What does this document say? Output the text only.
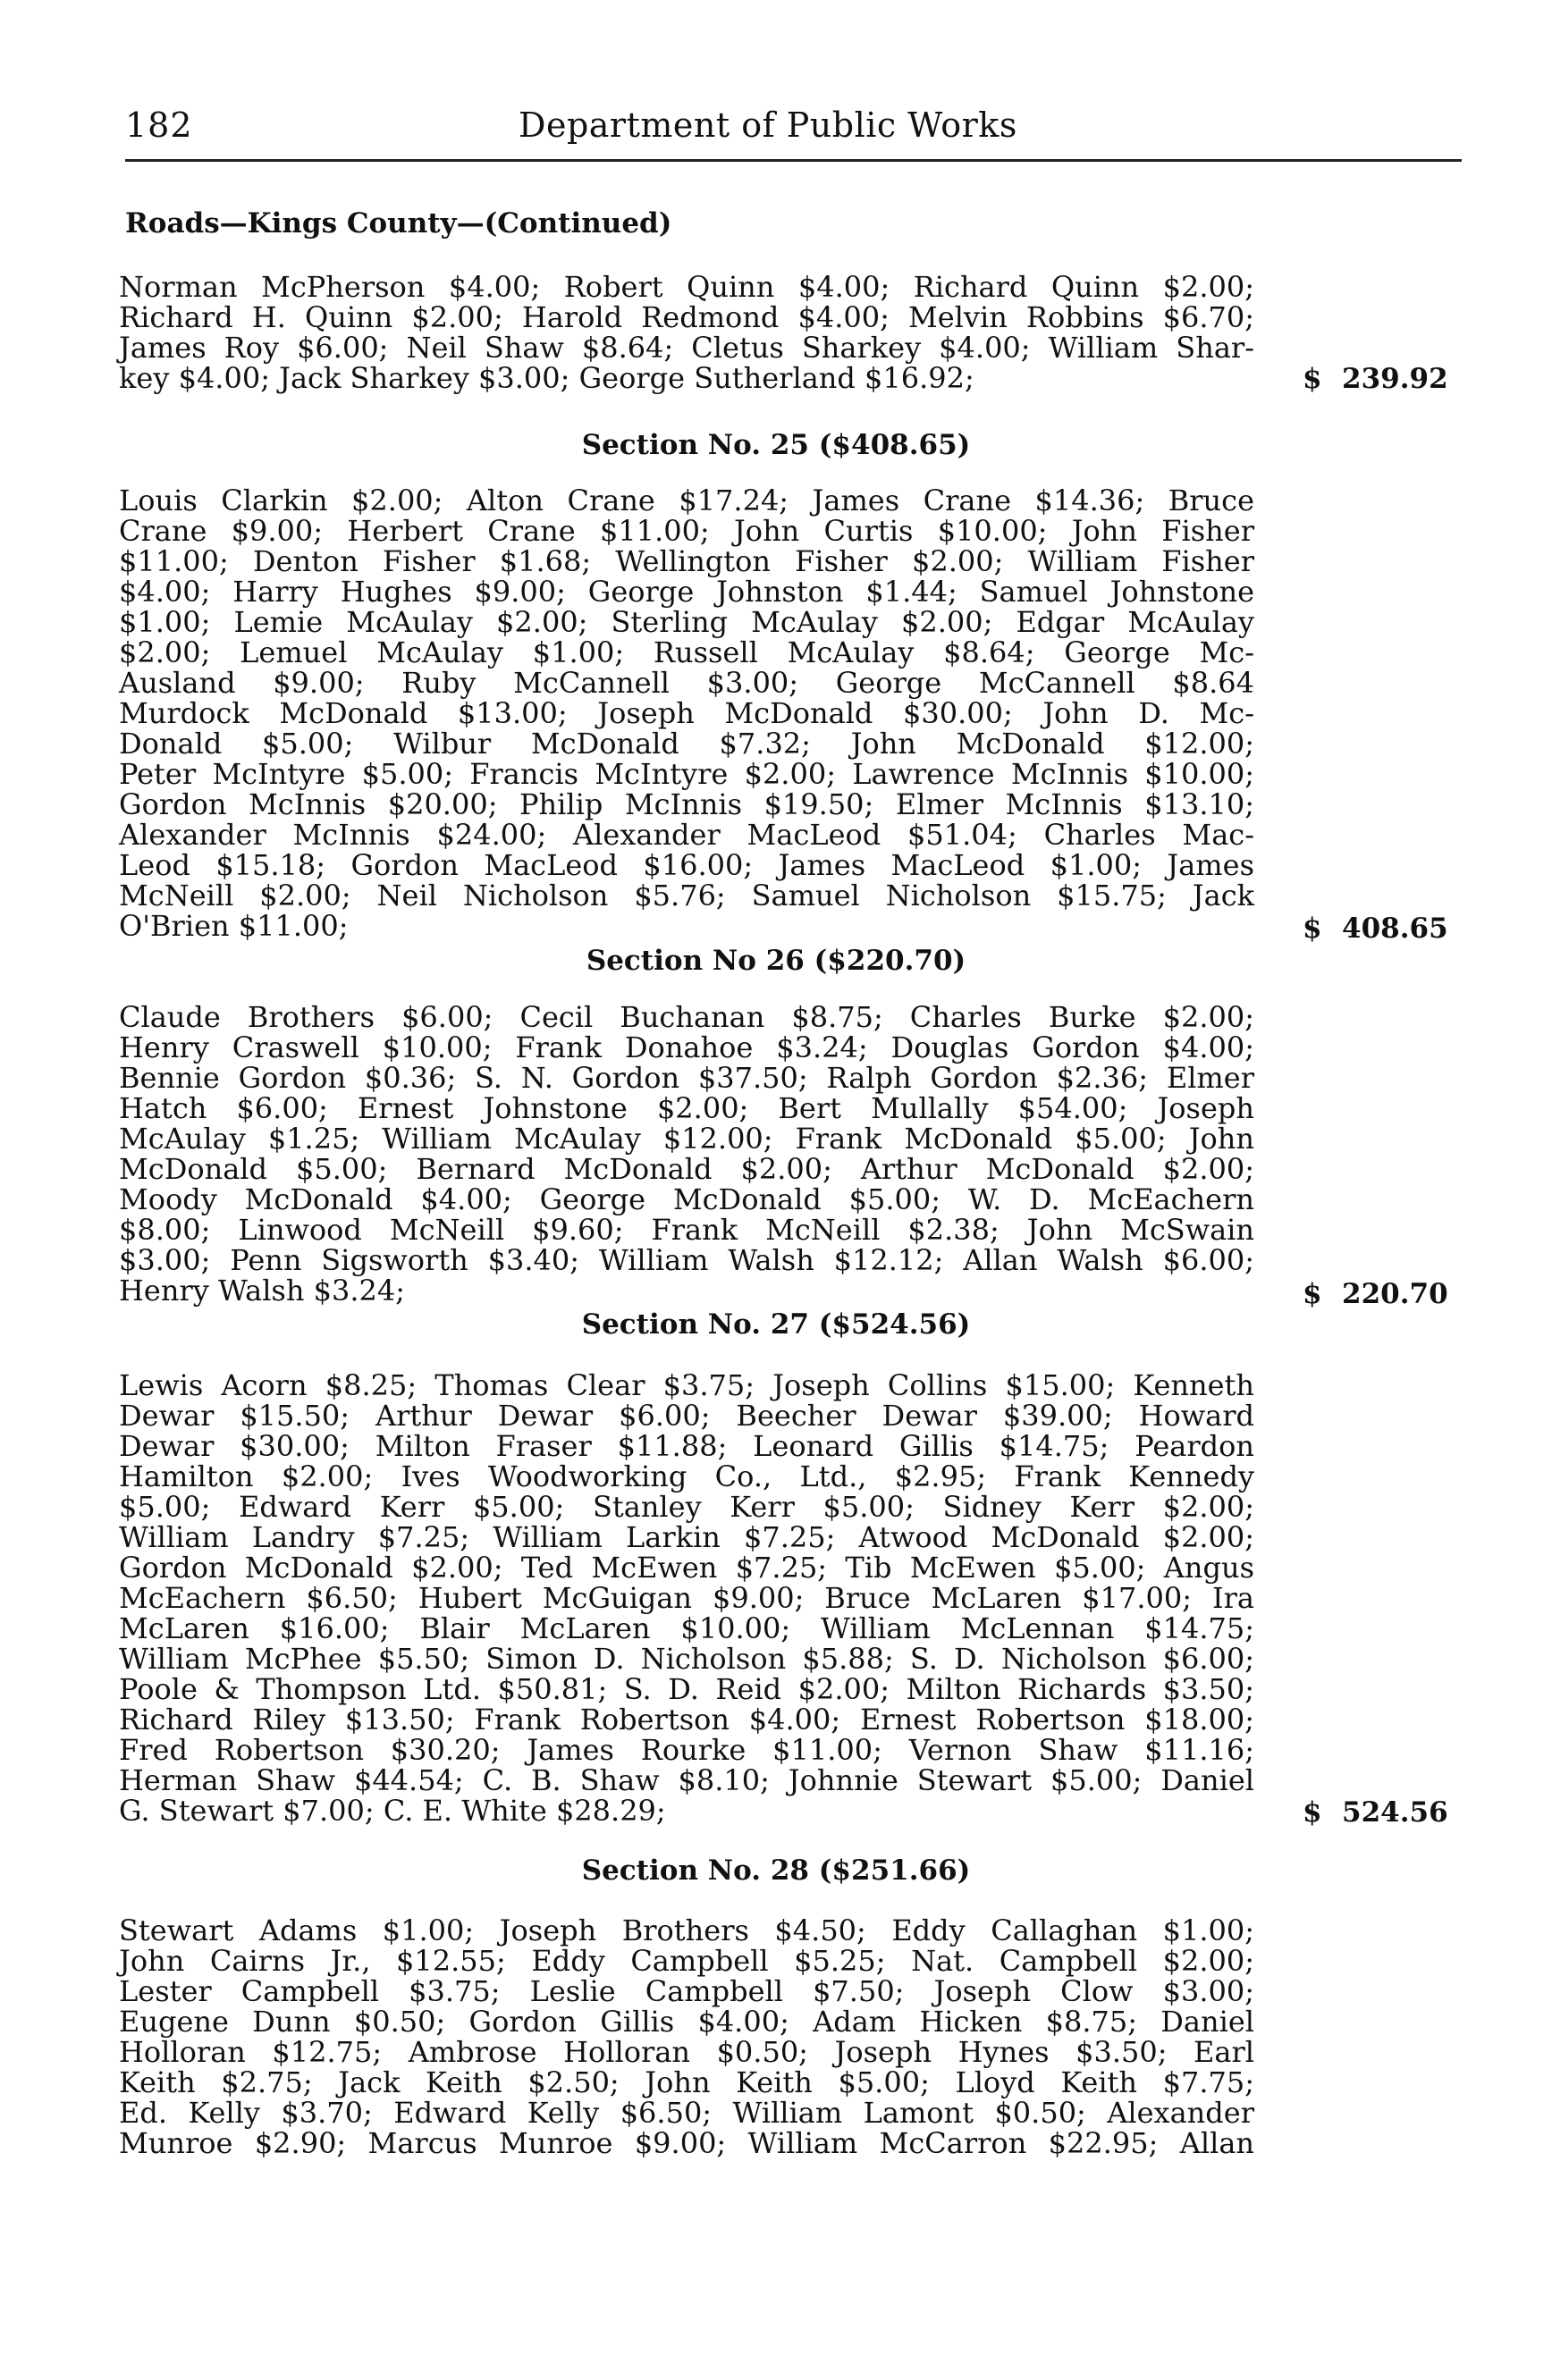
182	Department of Public Works
Roads—Kings County—(Continued)
Norman McPherson $4.00; Robert Quinn $4.00; Richard Quinn $2.00;
Richard H. Quinn $2.00; Harold Redmond $4.00; Melvin Robbins $6.70;
James Roy $6.00; Neil Shaw $8.64; Cletus Sharkey $4.00; William Shar-
key $4.00; Jack Sharkey $3.00; George Sutherland $16.92;	$ 239.92
Section No. 25 ($408.65)
Louis Clarkin $2.00; Alton Crane $17.24; James Crane $14.36; Bruce
Crane $9.00; Herbert Crane $11.00; John Curtis $10.00; John Fisher
$11.00; Denton Fisher $1.68; Wellington Fisher $2.00; William Fisher
$4.00; Harry Hughes $9.00; George Johnston $1.44; Samuel Johnstone
$1.00; Lemie McAulay $2.00; Sterling McAulay $2.00; Edgar McAulay
$2.00; Lemuel McAulay $1.00; Russell McAulay $8.64; George Mc-
Ausland $9.00; Ruby McCannell $3.00; George McCannell $8.64
Murdock McDonald $13.00; Joseph McDonald $30.00; John D. Mc-
Donald $5.00; Wilbur McDonald $7.32; John McDonald $12.00;
Peter McIntyre $5.00; Francis McIntyre $2.00; Lawrence McInnis $10.00;
Gordon McInnis $20.00; Philip McInnis $19.50; Elmer McInnis $13.10;
Alexander McInnis $24.00; Alexander MacLeod $51.04; Charles Mac-
Leod $15.18; Gordon MacLeod $16.00; James MacLeod $1.00; James
McNeill $2.00; Neil Nicholson $5.76; Samuel Nicholson $15.75; Jack
O'Brien $11.00;	$ 408.65
Section No 26 ($220.70)
Claude Brothers $6.00; Cecil Buchanan $8.75; Charles Burke $2.00;
Henry Craswell $10.00; Frank Donahoe $3.24; Douglas Gordon $4.00;
Bennie Gordon $0.36; S. N. Gordon $37.50; Ralph Gordon $2.36; Elmer
Hatch $6.00; Ernest Johnstone $2.00; Bert Mullally $54.00; Joseph
McAulay $1.25; William McAulay $12.00; Frank McDonald $5.00; John
McDonald $5.00; Bernard McDonald $2.00; Arthur McDonald $2.00;
Moody McDonald $4.00; George McDonald $5.00; W. D. McEachern
$8.00; Linwood McNeill $9.60; Frank McNeill $2.38; John McSwain
$3.00; Penn Sigsworth $3.40; William Walsh $12.12; Allan Walsh $6.00;
Henry Walsh $3.24;	$ 220.70
Section No. 27 ($524.56)
Lewis Acorn $8.25; Thomas Clear $3.75; Joseph Collins $15.00; Kenneth
Dewar $15.50; Arthur Dewar $6.00; Beecher Dewar $39.00; Howard
Dewar $30.00; Milton Fraser $11.88; Leonard Gillis $14.75; Peardon
Hamilton $2.00; Ives Woodworking Co., Ltd., $2.95; Frank Kennedy
$5.00; Edward Kerr $5.00; Stanley Kerr $5.00; Sidney Kerr $2.00;
William Landry $7.25; William Larkin $7.25; Atwood McDonald $2.00;
Gordon McDonald $2.00; Ted McEwen $7.25; Tib McEwen $5.00; Angus
McEachern $6.50; Hubert McGuigan $9.00; Bruce McLaren $17.00; Ira
McLaren $16.00; Blair McLaren $10.00; William McLennan $14.75;
William McPhee $5.50; Simon D. Nicholson $5.88; S. D. Nicholson $6.00;
Poole & Thompson Ltd. $50.81; S. D. Reid $2.00; Milton Richards $3.50;
Richard Riley $13.50; Frank Robertson $4.00; Ernest Robertson $18.00;
Fred Robertson $30.20; James Rourke $11.00; Vernon Shaw $11.16;
Herman Shaw $44.54; C. B. Shaw $8.10; Johnnie Stewart $5.00; Daniel
G. Stewart $7.00; C. E. White $28.29;	$ 524.56
Section No. 28 ($251.66)
Stewart Adams $1.00; Joseph Brothers $4.50; Eddy Callaghan $1.00;
John Cairns Jr., $12.55; Eddy Campbell $5.25; Nat. Campbell $2.00;
Lester Campbell $3.75; Leslie Campbell $7.50; Joseph Clow $3.00;
Eugene Dunn $0.50; Gordon Gillis $4.00; Adam Hicken $8.75; Daniel
Holloran $12.75; Ambrose Holloran $0.50; Joseph Hynes $3.50; Earl
Keith $2.75; Jack Keith $2.50; John Keith $5.00; Lloyd Keith $7.75;
Ed. Kelly $3.70; Edward Kelly $6.50; William Lamont $0.50; Alexander
Munroe $2.90; Marcus Munroe $9.00; William McCarron $22.95; Allan
